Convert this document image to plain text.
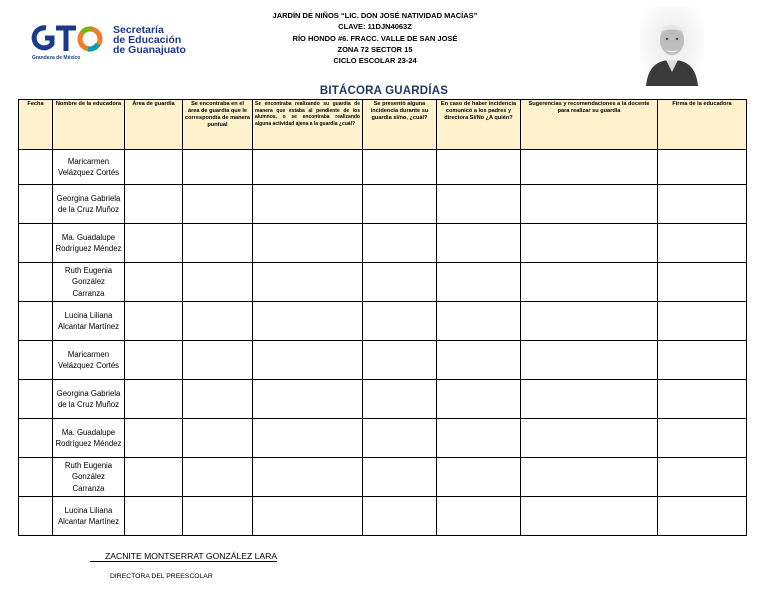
Grandeza de México
Secretaría
de Educación
de Guanajuato
JARDÍN DE NIÑOS “LIC. DON JOSÉ NATIVIDAD MACÍAS”
CLAVE: 11DJN4063Z
RÍO HONDO #6. FRACC. VALLE DE SAN JOSÉ
ZONA 72 SECTOR 15
CICLO ESCOLAR 23-24
BITÁCORA GUARDÍAS
Fecha	Nombre de la educadora	Área de guardia	Se encontraba en el área de guardia que le correspondía de manera puntual	Se encontraba realizando su guardia de manera que estaba al pendiente de los alumnos, o se encontraba realizando alguna actividad ajena a la guardia ¿cuál?	Se presentó alguna incidencia durante su guardia si/no, ¿cuál?	En caso de haber incidencia comunicó a los padres y directora Si/No ¿A quién?	Sugerencias y recomendaciones a la docente para realizar su guardia	Firma de la educadora
	Maricarmen Velázquez Cortés							
	Georgina Gabriela de la Cruz Muñoz							
	Ma. Guadalupe Rodríguez Méndez							
	Ruth Eugenia González Carranza							
	Lucina Liliana Alcantar Martínez							
	Maricarmen Velázquez Cortés							
	Georgina Gabriela de la Cruz Muñoz							
	Ma. Guadalupe Rodríguez Méndez							
	Ruth Eugenia González Carranza							
	Lucina Liliana Alcantar Martínez							
ZACNITE MONTSERRAT GONZÁLEZ LARA
DIRECTORA DEL PREESCOLAR
